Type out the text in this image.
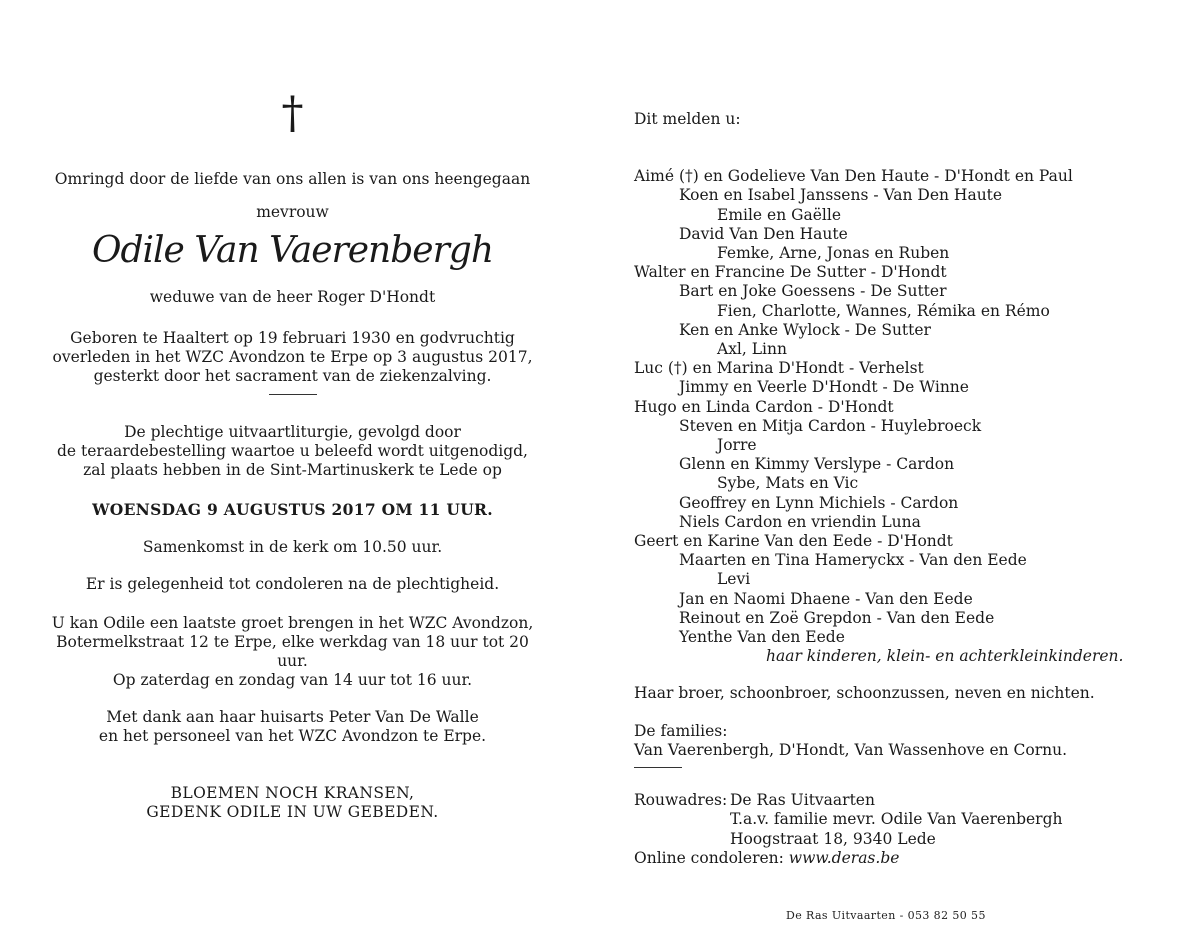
†
Omringd door de liefde van ons allen is van ons heengegaan
mevrouw
Odile Van Vaerenbergh
weduwe van de heer Roger D'Hondt
Geboren te Haaltert op 19 februari 1930 en godvruchtig
overleden in het WZC Avondzon te Erpe op 3 augustus 2017,
gesterkt door het sacrament van de ziekenzalving.
De plechtige uitvaartliturgie, gevolgd door
de teraardebestelling waartoe u beleefd wordt uitgenodigd,
zal plaats hebben in de Sint-Martinuskerk te Lede op
WOENSDAG 9 AUGUSTUS 2017 OM 11 UUR.
Samenkomst in de kerk om 10.50 uur.
Er is gelegenheid tot condoleren na de plechtigheid.
U kan Odile een laatste groet brengen in het WZC Avondzon,
Botermelkstraat 12 te Erpe, elke werkdag van 18 uur tot 20 uur.
Op zaterdag en zondag van 14 uur tot 16 uur.
Met dank aan haar huisarts Peter Van De Walle
en het personeel van het WZC Avondzon te Erpe.
BLOEMEN NOCH KRANSEN,
GEDENK ODILE IN UW GEBEDEN.
Dit melden u:
Aimé (†) en Godelieve Van Den Haute - D'Hondt en Paul
Koen en Isabel Janssens - Van Den Haute
Emile en Gaëlle
David Van Den Haute
Femke, Arne, Jonas en Ruben
Walter en Francine De Sutter - D'Hondt
Bart en Joke Goessens - De Sutter
Fien, Charlotte, Wannes, Rémika en Rémo
Ken en Anke Wylock - De Sutter
Axl, Linn
Luc (†) en Marina D'Hondt - Verhelst
Jimmy en Veerle D'Hondt - De Winne
Hugo en Linda Cardon - D'Hondt
Steven en Mitja Cardon - Huylebroeck
Jorre
Glenn en Kimmy Verslype - Cardon
Sybe, Mats en Vic
Geoffrey en Lynn Michiels - Cardon
Niels Cardon en vriendin Luna
Geert en Karine Van den Eede - D'Hondt
Maarten en Tina Hameryckx - Van den Eede
Levi
Jan en Naomi Dhaene - Van den Eede
Reinout en Zoë Grepdon - Van den Eede
Yenthe Van den Eede
haar kinderen, klein- en achterkleinkinderen.
Haar broer, schoonbroer, schoonzussen, neven en nichten.
De families:
Van Vaerenbergh, D'Hondt, Van Wassenhove en Cornu.
Rouwadres: De Ras Uitvaarten
T.a.v. familie mevr. Odile Van Vaerenbergh
Hoogstraat 18, 9340 Lede
Online condoleren: www.deras.be
De Ras Uitvaarten - 053 82 50 55
